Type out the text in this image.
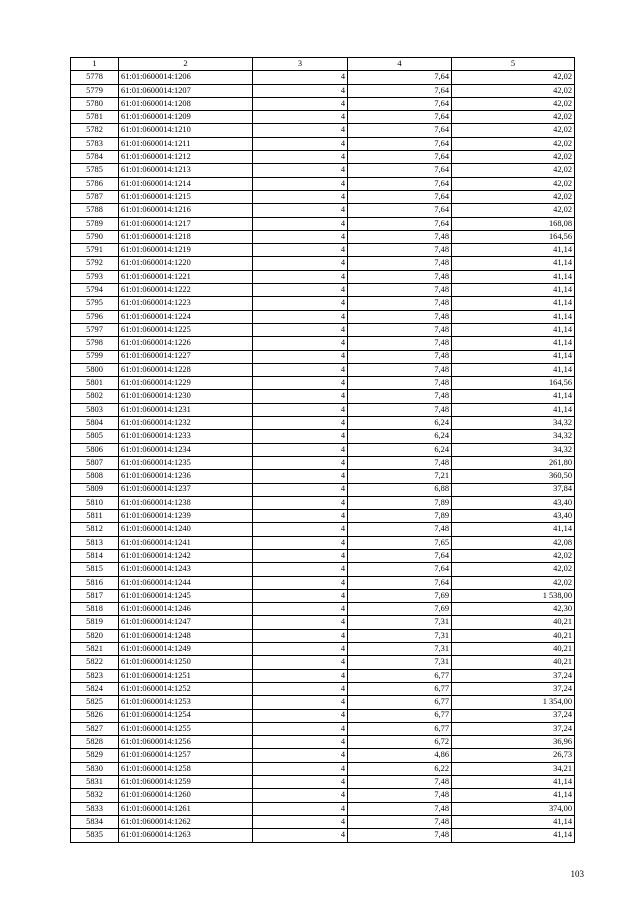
1	2	3	4	5
5778	61:01:0600014:1206	4	7,64	42,02
5779	61:01:0600014:1207	4	7,64	42,02
5780	61:01:0600014:1208	4	7,64	42,02
5781	61:01:0600014:1209	4	7,64	42,02
5782	61:01:0600014:1210	4	7,64	42,02
5783	61:01:0600014:1211	4	7,64	42,02
5784	61:01:0600014:1212	4	7,64	42,02
5785	61:01:0600014:1213	4	7,64	42,02
5786	61:01:0600014:1214	4	7,64	42,02
5787	61:01:0600014:1215	4	7,64	42,02
5788	61:01:0600014:1216	4	7,64	42,02
5789	61:01:0600014:1217	4	7,64	168,08
5790	61:01:0600014:1218	4	7,48	164,56
5791	61:01:0600014:1219	4	7,48	41,14
5792	61:01:0600014:1220	4	7,48	41,14
5793	61:01:0600014:1221	4	7,48	41,14
5794	61:01:0600014:1222	4	7,48	41,14
5795	61:01:0600014:1223	4	7,48	41,14
5796	61:01:0600014:1224	4	7,48	41,14
5797	61:01:0600014:1225	4	7,48	41,14
5798	61:01:0600014:1226	4	7,48	41,14
5799	61:01:0600014:1227	4	7,48	41,14
5800	61:01:0600014:1228	4	7,48	41,14
5801	61:01:0600014:1229	4	7,48	164,56
5802	61:01:0600014:1230	4	7,48	41,14
5803	61:01:0600014:1231	4	7,48	41,14
5804	61:01:0600014:1232	4	6,24	34,32
5805	61:01:0600014:1233	4	6,24	34,32
5806	61:01:0600014:1234	4	6,24	34,32
5807	61:01:0600014:1235	4	7,48	261,80
5808	61:01:0600014:1236	4	7,21	360,50
5809	61:01:0600014:1237	4	6,88	37,84
5810	61:01:0600014:1238	4	7,89	43,40
5811	61:01:0600014:1239	4	7,89	43,40
5812	61:01:0600014:1240	4	7,48	41,14
5813	61:01:0600014:1241	4	7,65	42,08
5814	61:01:0600014:1242	4	7,64	42,02
5815	61:01:0600014:1243	4	7,64	42,02
5816	61:01:0600014:1244	4	7,64	42,02
5817	61:01:0600014:1245	4	7,69	1 538,00
5818	61:01:0600014:1246	4	7,69	42,30
5819	61:01:0600014:1247	4	7,31	40,21
5820	61:01:0600014:1248	4	7,31	40,21
5821	61:01:0600014:1249	4	7,31	40,21
5822	61:01:0600014:1250	4	7,31	40,21
5823	61:01:0600014:1251	4	6,77	37,24
5824	61:01:0600014:1252	4	6,77	37,24
5825	61:01:0600014:1253	4	6,77	1 354,00
5826	61:01:0600014:1254	4	6,77	37,24
5827	61:01:0600014:1255	4	6,77	37,24
5828	61:01:0600014:1256	4	6,72	36,96
5829	61:01:0600014:1257	4	4,86	26,73
5830	61:01:0600014:1258	4	6,22	34,21
5831	61:01:0600014:1259	4	7,48	41,14
5832	61:01:0600014:1260	4	7,48	41,14
5833	61:01:0600014:1261	4	7,48	374,00
5834	61:01:0600014:1262	4	7,48	41,14
5835	61:01:0600014:1263	4	7,48	41,14
103
